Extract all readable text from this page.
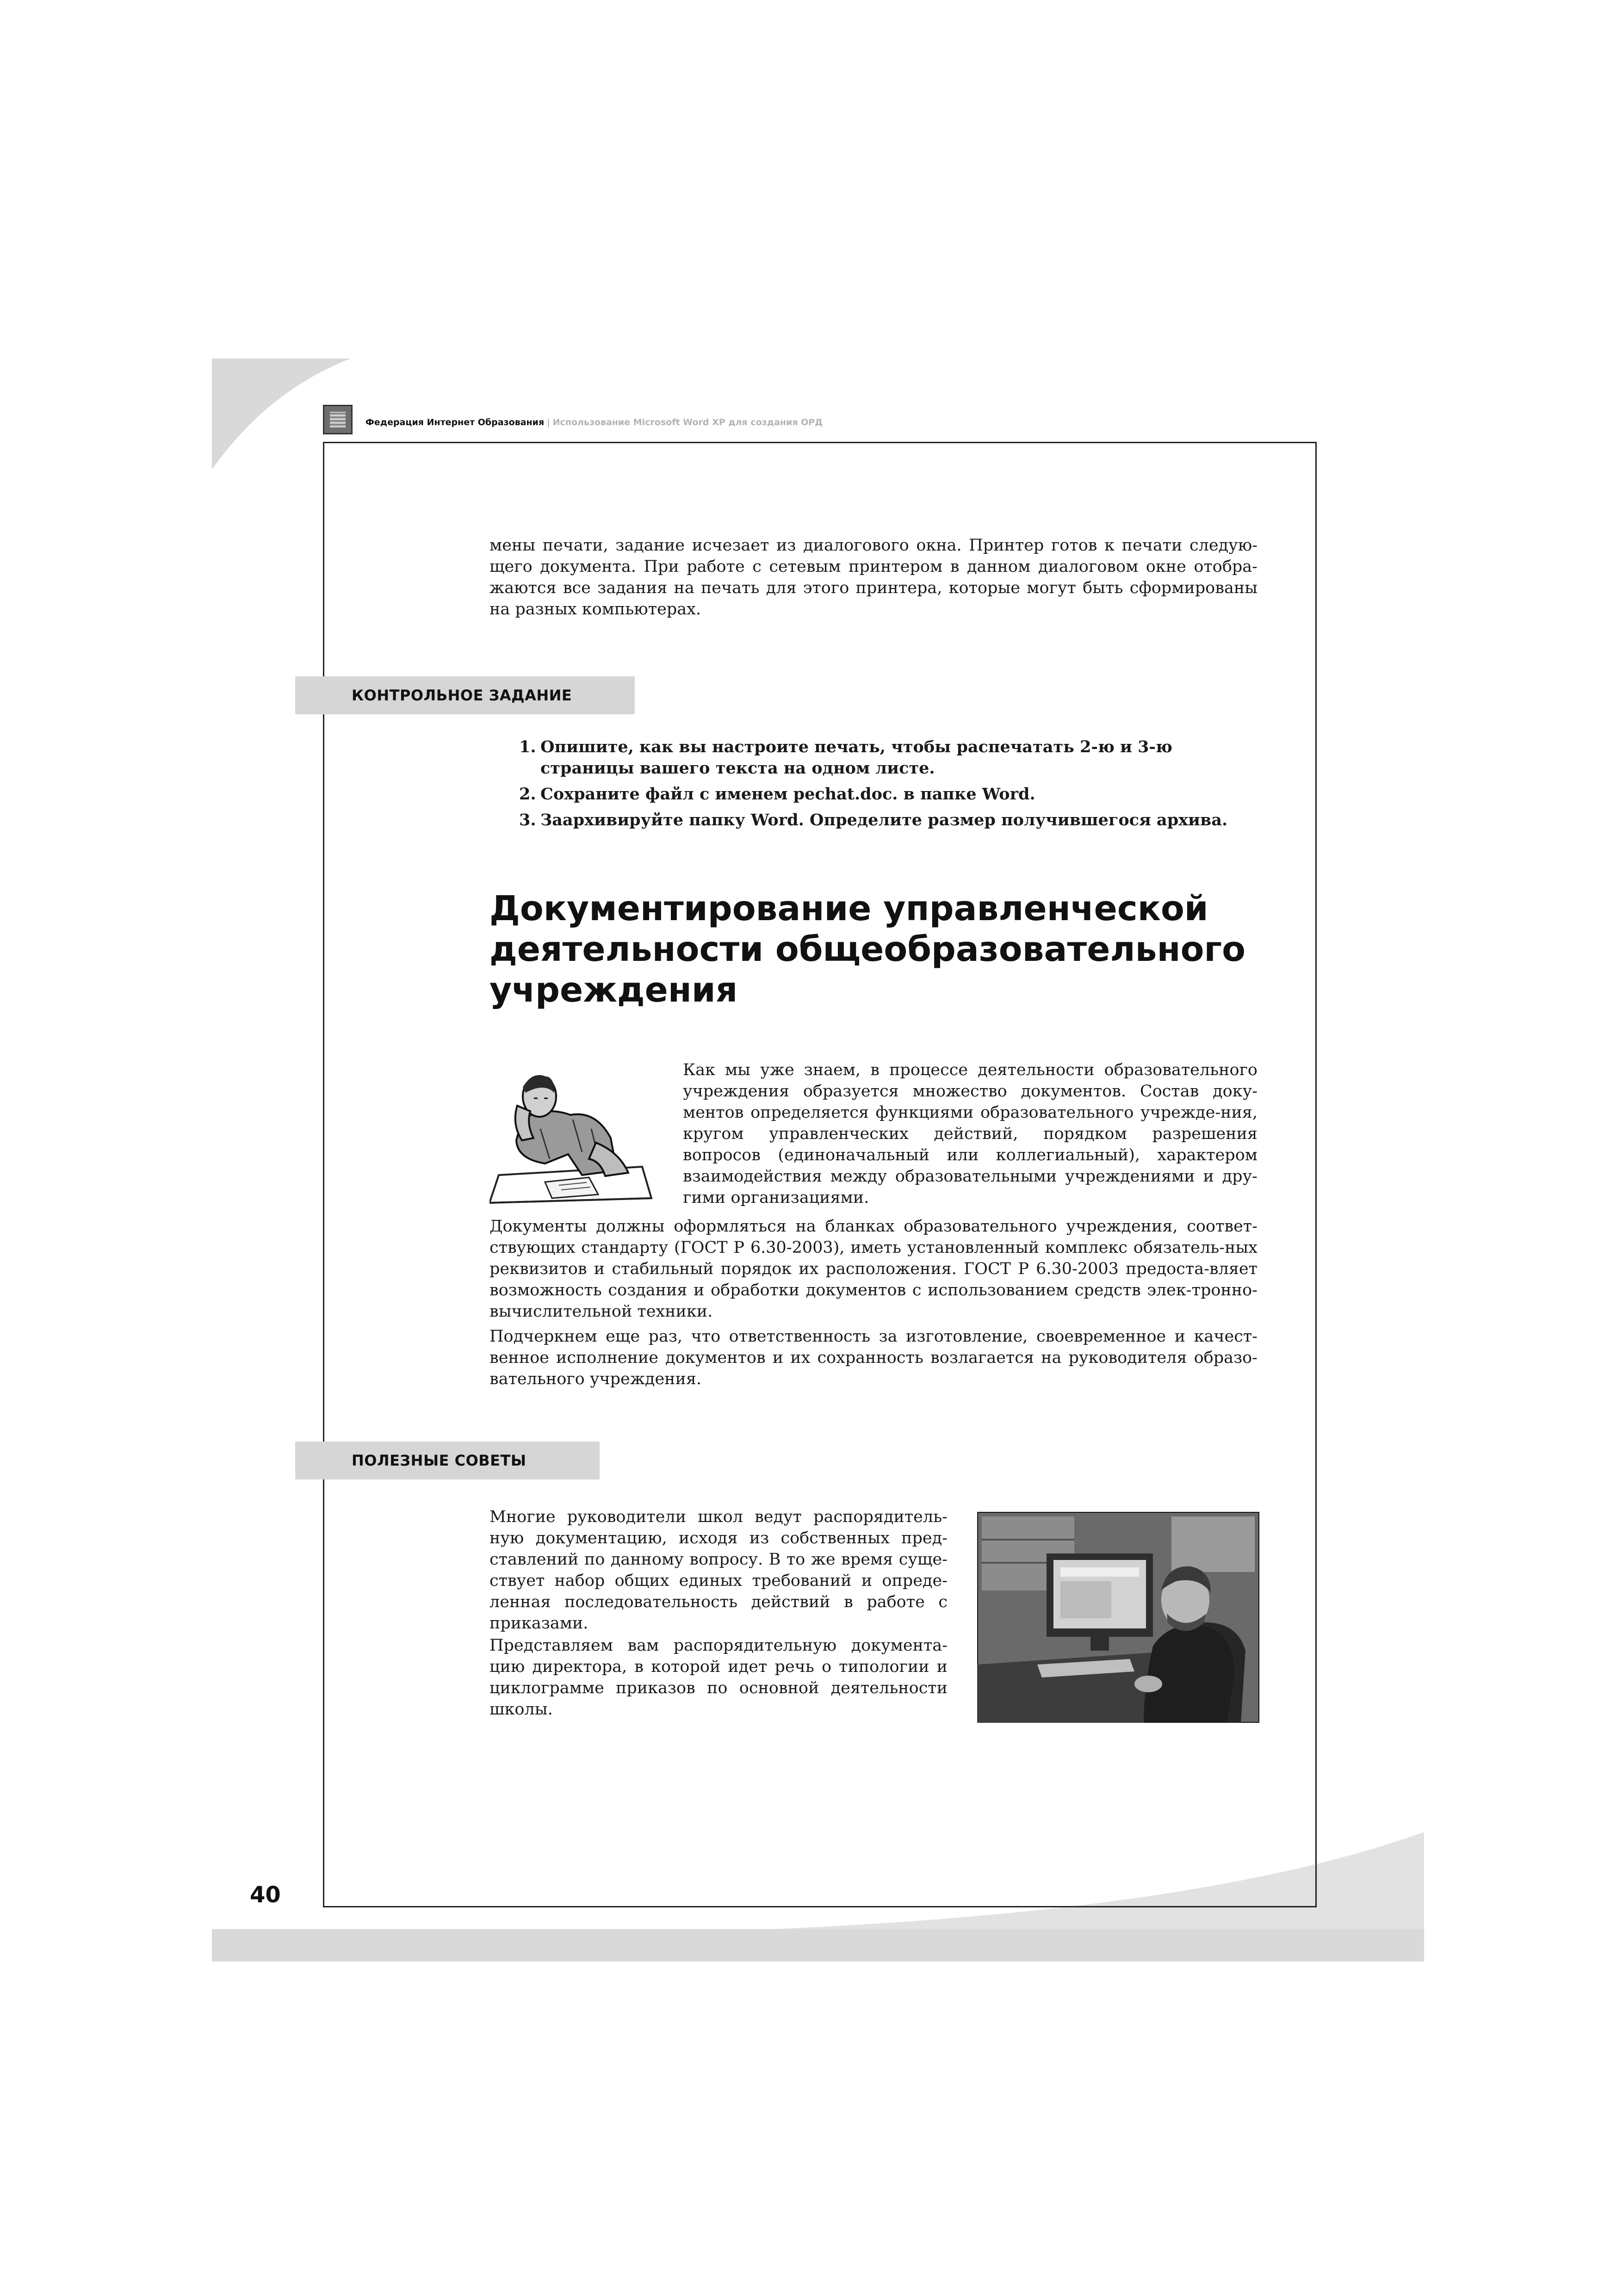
Федерация Интернет Образования | Использование Microsoft Word XP для создания ОРД
мены печати, задание исчезает из диалогового окна. Принтер готов к печати следую-щего документа. При работе с сетевым принтером в данном диалоговом окне отобра-жаются все задания на печать для этого принтера, которые могут быть сформированы на разных компьютерах.
КОНТРОЛЬНОЕ ЗАДАНИЕ
1. Опишите, как вы настроите печать, чтобы распечатать 2-ю и 3-ю страницы вашего текста на одном листе.
2. Сохраните файл с именем pechat.doc. в папке Word.
3. Заархивируйте папку Word. Определите размер получившегося архива.
Документирование управленческой деятельности общеобразовательного учреждения
Как мы уже знаем, в процессе деятельности образовательного учреждения образуется множество документов. Состав доку-ментов определяется функциями образовательного учрежде-ния, кругом управленческих действий, порядком разрешения вопросов (единоначальный или коллегиальный), характером взаимодействия между образовательными учреждениями и дру-гими организациями.
Документы должны оформляться на бланках образовательного учреждения, соответ-ствующих стандарту (ГОСТ Р 6.30-2003), иметь установленный комплекс обязатель-ных реквизитов и стабильный порядок их расположения. ГОСТ Р 6.30-2003 предоста-вляет возможность создания и обработки документов с использованием средств элек-тронно-вычислительной техники.
Подчеркнем еще раз, что ответственность за изготовление, своевременное и качест-венное исполнение документов и их сохранность возлагается на руководителя образо-вательного учреждения.
ПОЛЕЗНЫЕ СОВЕТЫ
Многие руководители школ ведут распорядитель-ную документацию, исходя из собственных пред-ставлений по данному вопросу. В то же время суще-ствует набор общих единых требований и опреде-ленная последовательность действий в работе с приказами.
Представляем вам распорядительную документа-цию директора, в которой идет речь о типологии и циклограмме приказов по основной деятельности школы.
40
